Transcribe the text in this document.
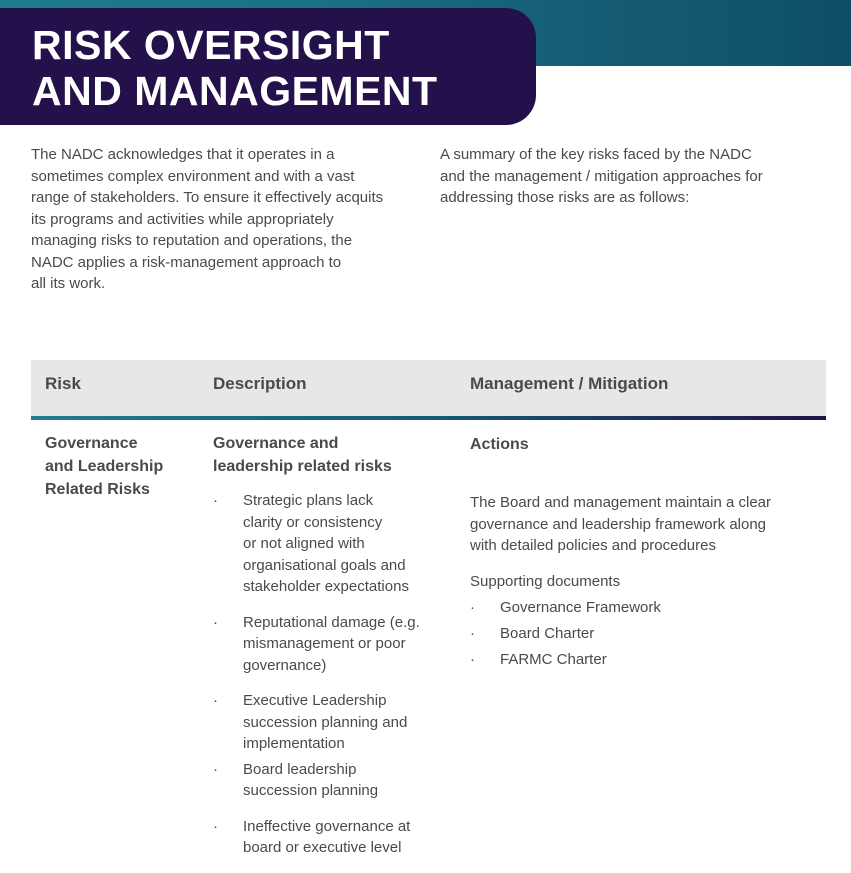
RISK OVERSIGHT
AND MANAGEMENT

The NADC acknowledges that it operates in a
sometimes complex environment and with a vast
range of stakeholders. To ensure it effectively acquits
its programs and activities while appropriately
managing risks to reputation and operations, the
NADC applies a risk-management approach to
all its work.

A summary of the key risks faced by the NADC
and the management / mitigation approaches for
addressing those risks are as follows:

Risk	Description	Management / Mitigation
Governance
and Leadership
Related Risks
Governance and
leadership related risks
· Strategic plans lack
clarity or consistency
or not aligned with
organisational goals and
stakeholder expectations
· Reputational damage (e.g.
mismanagement or poor
governance)
· Executive Leadership
succession planning and
implementation
· Board leadership
succession planning
· Ineffective governance at
board or executive level
Actions
The Board and management maintain a clear
governance and leadership framework along
with detailed policies and procedures
Supporting documents
· Governance Framework
· Board Charter
· FARMC Charter
